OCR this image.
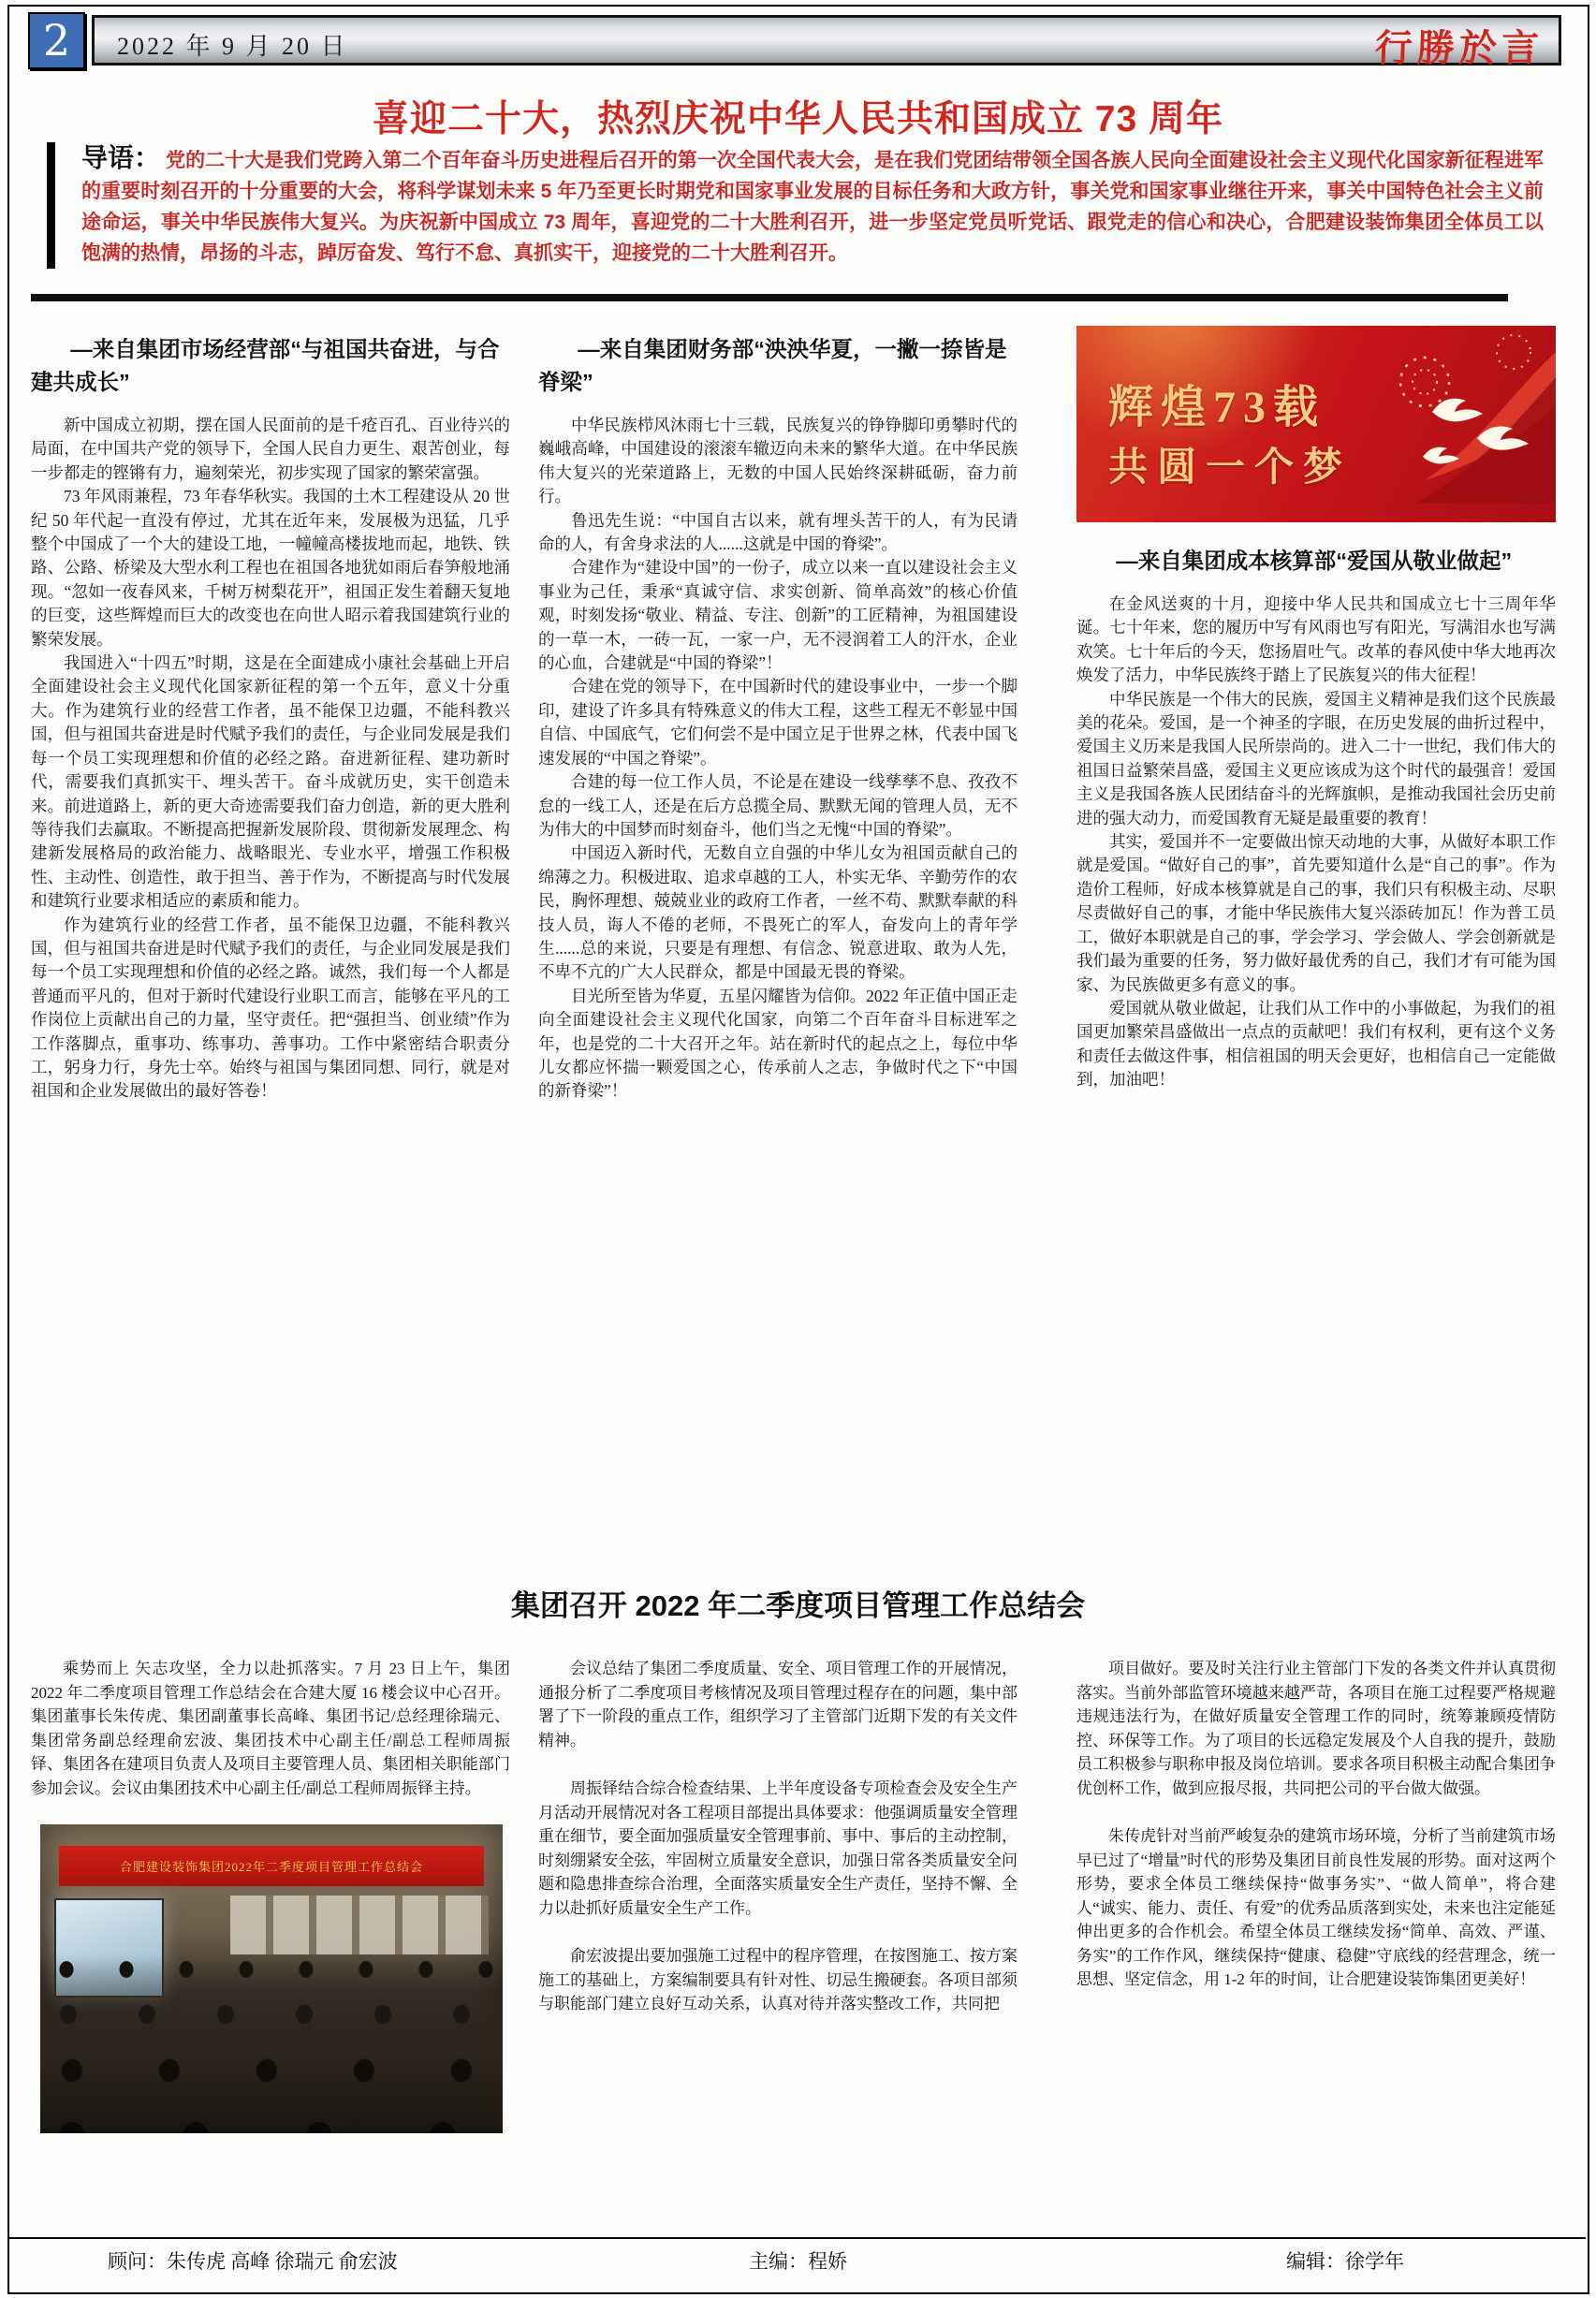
2	2022 年 9 月 20 日	行勝於言
喜迎二十大，热烈庆祝中华人民共和国成立 73 周年
导语： 党的二十大是我们党跨入第二个百年奋斗历史进程后召开的第一次全国代表大会，是在我们党团结带领全国各族人民向全面建设社会主义现代化国家新征程进军的重要时刻召开的十分重要的大会，将科学谋划未来 5 年乃至更长时期党和国家事业发展的目标任务和大政方针，事关党和国家事业继往开来，事关中国特色社会主义前途命运，事关中华民族伟大复兴。为庆祝新中国成立 73 周年，喜迎党的二十大胜利召开，进一步坚定党员听党话、跟党走的信心和决心，合肥建设装饰集团全体员工以饱满的热情，昂扬的斗志，踔厉奋发、笃行不怠、真抓实干，迎接党的二十大胜利召开。
—来自集团市场经营部“与祖国共奋进，与合建共成长”

新中国成立初期，摆在国人民面前的是千疮百孔、百业待兴的局面，在中国共产党的领导下，全国人民自力更生、艰苦创业，每一步都走的铿锵有力，遍刻荣光，初步实现了国家的繁荣富强。

73 年风雨兼程，73 年春华秋实。我国的土木工程建设从 20 世纪 50 年代起一直没有停过，尤其在近年来，发展极为迅猛，几乎整个中国成了一个大的建设工地，一幢幢高楼拔地而起，地铁、铁路、公路、桥梁及大型水利工程也在祖国各地犹如雨后春笋般地涌现。“忽如一夜春风来，千树万树梨花开”，祖国正发生着翻天复地的巨变，这些辉煌而巨大的改变也在向世人昭示着我国建筑行业的繁荣发展。

我国进入“十四五”时期，这是在全面建成小康社会基础上开启全面建设社会主义现代化国家新征程的第一个五年，意义十分重大。作为建筑行业的经营工作者，虽不能保卫边疆，不能科教兴国，但与祖国共奋进是时代赋予我们的责任，与企业同发展是我们每一个员工实现理想和价值的必经之路。奋进新征程、建功新时代，需要我们真抓实干、埋头苦干。奋斗成就历史，实干创造未来。前进道路上，新的更大奇迹需要我们奋力创造，新的更大胜利等待我们去赢取。不断提高把握新发展阶段、贯彻新发展理念、构建新发展格局的政治能力、战略眼光、专业水平，增强工作积极性、主动性、创造性，敢于担当、善于作为，不断提高与时代发展和建筑行业要求相适应的素质和能力。

作为建筑行业的经营工作者，虽不能保卫边疆，不能科教兴国，但与祖国共奋进是时代赋予我们的责任，与企业同发展是我们每一个员工实现理想和价值的必经之路。诚然，我们每一个人都是普通而平凡的，但对于新时代建设行业职工而言，能够在平凡的工作岗位上贡献出自己的力量，坚守责任。把“强担当、创业绩”作为工作落脚点，重事功、练事功、善事功。工作中紧密结合职责分工，躬身力行，身先士卒。始终与祖国与集团同想、同行，就是对祖国和企业发展做出的最好答卷！

—来自集团财务部“泱泱华夏，一撇一捺皆是脊梁”

中华民族栉风沐雨七十三载，民族复兴的铮铮脚印勇攀时代的巍峨高峰，中国建设的滚滚车辙迈向未来的繁华大道。在中华民族伟大复兴的光荣道路上，无数的中国人民始终深耕砥砺，奋力前行。

鲁迅先生说：“中国自古以来，就有埋头苦干的人，有为民请命的人，有舍身求法的人......这就是中国的脊梁”。

合建作为“建设中国”的一份子，成立以来一直以建设社会主义事业为己任，秉承“真诚守信、求实创新、简单高效”的核心价值观，时刻发扬“敬业、精益、专注、创新”的工匠精神，为祖国建设的一草一木，一砖一瓦，一家一户，无不浸润着工人的汗水，企业的心血，合建就是“中国的脊梁”！

合建在党的领导下，在中国新时代的建设事业中，一步一个脚印，建设了许多具有特殊意义的伟大工程，这些工程无不彰显中国自信、中国底气，它们何尝不是中国立足于世界之林，代表中国飞速发展的“中国之脊梁”。

合建的每一位工作人员，不论是在建设一线孳孳不息、孜孜不怠的一线工人，还是在后方总揽全局、默默无闻的管理人员，无不为伟大的中国梦而时刻奋斗，他们当之无愧“中国的脊梁”。

中国迈入新时代，无数自立自强的中华儿女为祖国贡献自己的绵薄之力。积极进取、追求卓越的工人，朴实无华、辛勤劳作的农民，胸怀理想、兢兢业业的政府工作者，一丝不苟、默默奉献的科技人员，诲人不倦的老师，不畏死亡的军人，奋发向上的青年学生......总的来说，只要是有理想、有信念、锐意进取、敢为人先，不卑不亢的广大人民群众，都是中国最无畏的脊梁。

目光所至皆为华夏，五星闪耀皆为信仰。2022 年正值中国正走向全面建设社会主义现代化国家，向第二个百年奋斗目标进军之年，也是党的二十大召开之年。站在新时代的起点之上，每位中华儿女都应怀揣一颗爱国之心，传承前人之志，争做时代之下“中国的新脊梁”！

辉煌73载
共圆一个梦
—来自集团成本核算部“爱国从敬业做起”

在金风送爽的十月，迎接中华人民共和国成立七十三周年华诞。七十年来，您的履历中写有风雨也写有阳光，写满泪水也写满欢笑。七十年后的今天，您扬眉吐气。改革的春风使中华大地再次焕发了活力，中华民族终于踏上了民族复兴的伟大征程！

中华民族是一个伟大的民族，爱国主义精神是我们这个民族最美的花朵。爱国，是一个神圣的字眼，在历史发展的曲折过程中，爱国主义历来是我国人民所崇尚的。进入二十一世纪，我们伟大的祖国日益繁荣昌盛，爱国主义更应该成为这个时代的最强音！爱国主义是我国各族人民团结奋斗的光辉旗帜，是推动我国社会历史前进的强大动力，而爱国教育无疑是最重要的教育！

其实，爱国并不一定要做出惊天动地的大事，从做好本职工作就是爱国。“做好自己的事”，首先要知道什么是“自己的事”。作为造价工程师，好成本核算就是自己的事，我们只有积极主动、尽职尽责做好自己的事，才能中华民族伟大复兴添砖加瓦！作为普工员工，做好本职就是自己的事，学会学习、学会做人、学会创新就是我们最为重要的任务，努力做好最优秀的自己，我们才有可能为国家、为民族做更多有意义的事。

爱国就从敬业做起，让我们从工作中的小事做起，为我们的祖国更加繁荣昌盛做出一点点的贡献吧！我们有权利，更有这个义务和责任去做这件事，相信祖国的明天会更好，也相信自己一定能做到，加油吧！

集团召开 2022 年二季度项目管理工作总结会

乘势而上 矢志攻坚，全力以赴抓落实。7 月 23 日上午，集团 2022 年二季度项目管理工作总结会在合建大厦 16 楼会议中心召开。集团董事长朱传虎、集团副董事长高峰、集团书记/总经理徐瑞元、集团常务副总经理俞宏波、集团技术中心副主任/副总工程师周振铎、集团各在建项目负责人及项目主要管理人员、集团相关职能部门参加会议。会议由集团技术中心副主任/副总工程师周振铎主持。

合肥建设装饰集团2022年二季度项目管理工作总结会

会议总结了集团二季度质量、安全、项目管理工作的开展情况，通报分析了二季度项目考核情况及项目管理过程存在的问题，集中部署了下一阶段的重点工作，组织学习了主管部门近期下发的有关文件精神。

周振铎结合综合检查结果、上半年度设备专项检查会及安全生产月活动开展情况对各工程项目部提出具体要求：他强调质量安全管理重在细节，要全面加强质量安全管理事前、事中、事后的主动控制，时刻绷紧安全弦，牢固树立质量安全意识，加强日常各类质量安全问题和隐患排查综合治理，全面落实质量安全生产责任，坚持不懈、全力以赴抓好质量安全生产工作。

俞宏波提出要加强施工过程中的程序管理，在按图施工、按方案施工的基础上，方案编制要具有针对性、切忌生搬硬套。各项目部须与职能部门建立良好互动关系，认真对待并落实整改工作，共同把

项目做好。要及时关注行业主管部门下发的各类文件并认真贯彻落实。当前外部监管环境越来越严苛，各项目在施工过程要严格规避违规违法行为，在做好质量安全管理工作的同时，统筹兼顾疫情防控、环保等工作。为了项目的长远稳定发展及个人自我的提升，鼓励员工积极参与职称申报及岗位培训。要求各项目积极主动配合集团争优创杯工作，做到应报尽报，共同把公司的平台做大做强。

朱传虎针对当前严峻复杂的建筑市场环境，分析了当前建筑市场早已过了“增量”时代的形势及集团目前良性发展的形势。面对这两个形势，要求全体员工继续保持“做事务实”、“做人简单”，将合建人“诚实、能力、责任、有爱”的优秀品质落到实处，未来也注定能延伸出更多的合作机会。希望全体员工继续发扬“简单、高效、严谨、务实”的工作作风，继续保持“健康、稳健”守底线的经营理念，统一思想、坚定信念，用 1-2 年的时间，让合肥建设装饰集团更美好！

顾问：朱传虎 高峰 徐瑞元 俞宏波	主编：程娇	编辑：徐学年
